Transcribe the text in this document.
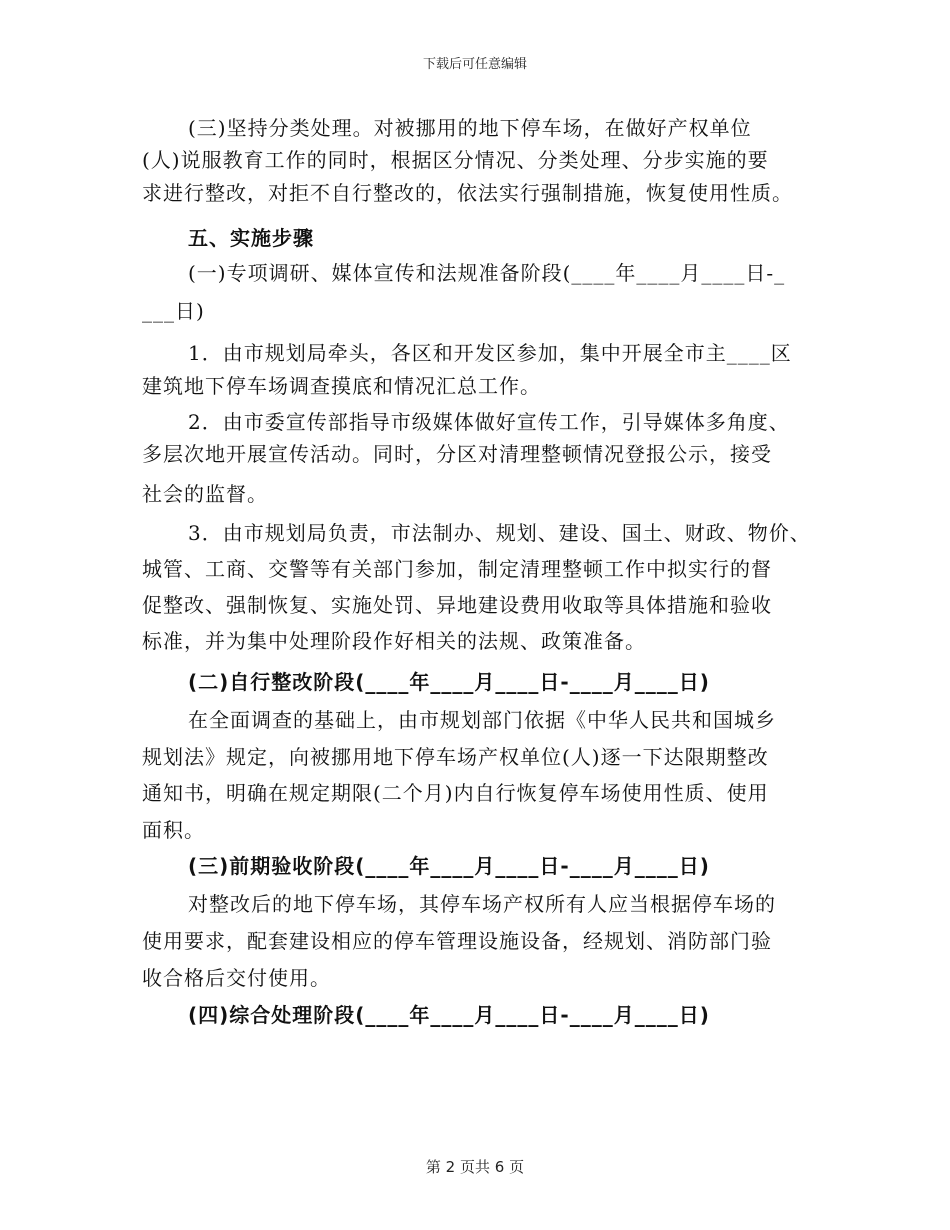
下载后可任意编辑
(三)坚持分类处理。对被挪用的地下停车场，在做好产权单位
(人)说服教育工作的同时，根据区分情况、分类处理、分步实施的要
求进行整改，对拒不自行整改的，依法实行强制措施，恢复使用性质。
五、实施步骤
(一)专项调研、媒体宣传和法规准备阶段(____年____月____日-_
___日)
1．由市规划局牵头，各区和开发区参加，集中开展全市主____区
建筑地下停车场调查摸底和情况汇总工作。
2．由市委宣传部指导市级媒体做好宣传工作，引导媒体多角度、
多层次地开展宣传活动。同时，分区对清理整顿情况登报公示，接受
社会的监督。
3．由市规划局负责，市法制办、规划、建设、国土、财政、物价、
城管、工商、交警等有关部门参加，制定清理整顿工作中拟实行的督
促整改、强制恢复、实施处罚、异地建设费用收取等具体措施和验收
标准，并为集中处理阶段作好相关的法规、政策准备。
(二)自行整改阶段(____年____月____日-____月____日)
在全面调查的基础上，由市规划部门依据《中华人民共和国城乡
规划法》规定，向被挪用地下停车场产权单位(人)逐一下达限期整改
通知书，明确在规定期限(二个月)内自行恢复停车场使用性质、使用
面积。
(三)前期验收阶段(____年____月____日-____月____日)
对整改后的地下停车场，其停车场产权所有人应当根据停车场的
使用要求，配套建设相应的停车管理设施设备，经规划、消防部门验
收合格后交付使用。
(四)综合处理阶段(____年____月____日-____月____日)
第 2 页共 6 页
